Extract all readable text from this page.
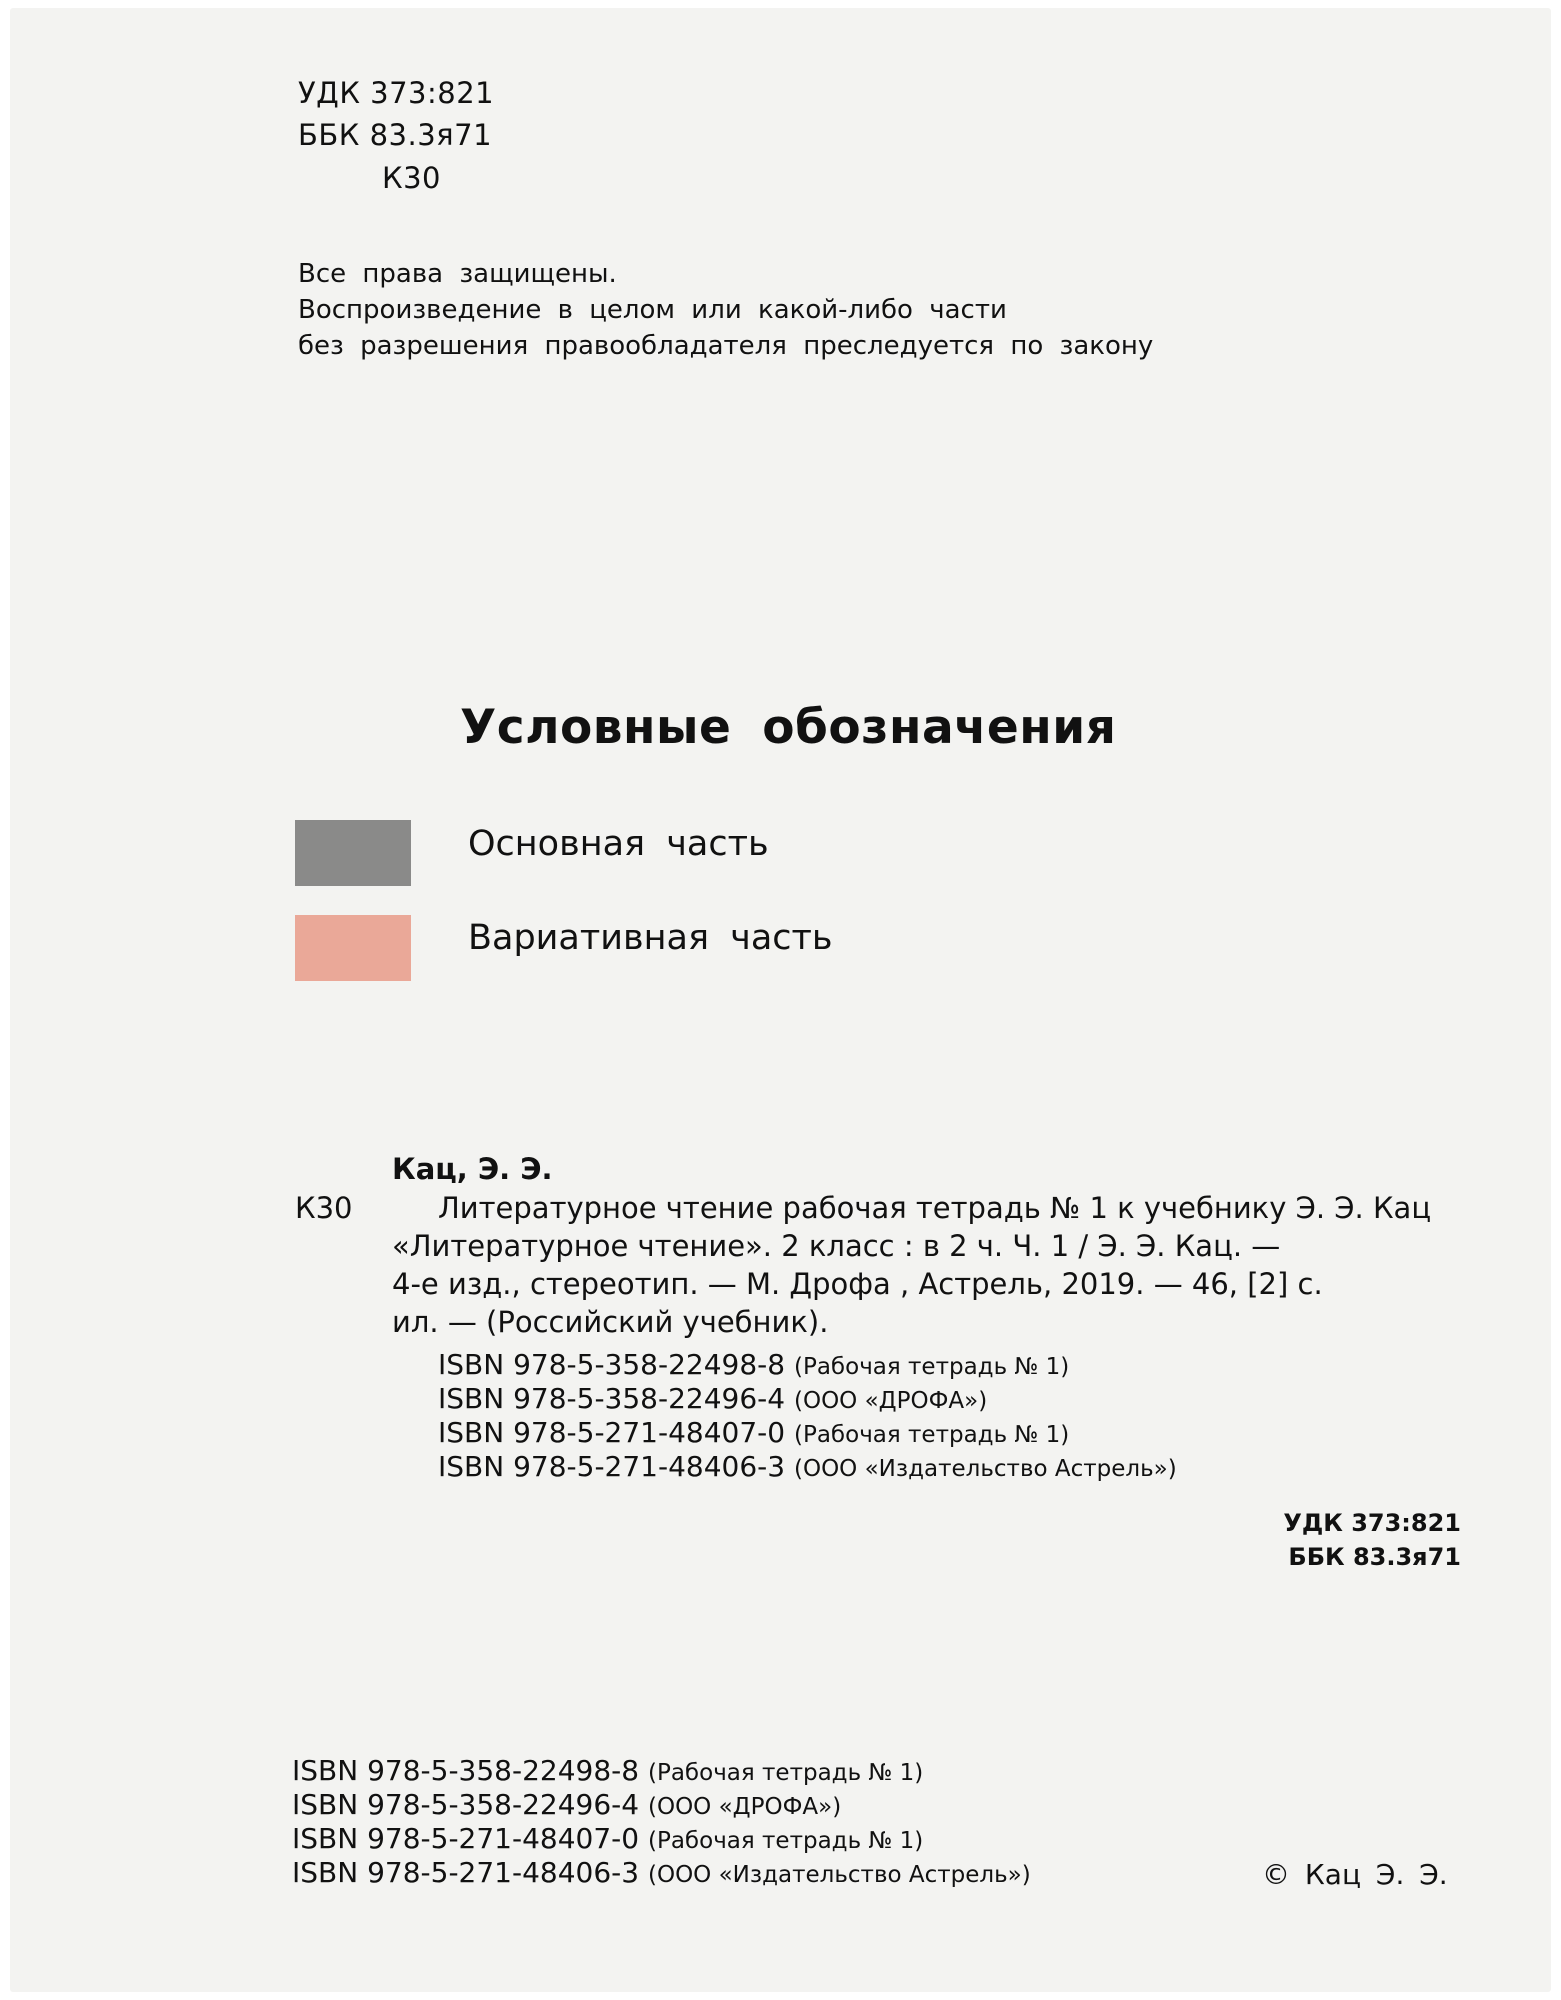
УДК 373:821
ББК 83.3я71
К30
Все права защищены.
Воспроизведение в целом или какой-либо части
без разрешения правообладателя преследуется по закону
Условные обозначения
Основная часть
Вариативная часть
Кац, Э. Э.
К30	Литературное чтение рабочая тетрадь № 1 к учебнику Э. Э. Кац
«Литературное чтение». 2 класс : в 2 ч. Ч. 1 / Э. Э. Кац. —
4-е изд., стереотип. — М. Дрофа , Астрель, 2019. — 46, [2] с.
ил. — (Российский учебник).
ISBN 978-5-358-22498-8 (Рабочая тетрадь № 1)
ISBN 978-5-358-22496-4 (ООО «ДРОФА»)
ISBN 978-5-271-48407-0 (Рабочая тетрадь № 1)
ISBN 978-5-271-48406-3 (ООО «Издательство Астрель»)
УДК 373:821
ББК 83.3я71
ISBN 978-5-358-22498-8 (Рабочая тетрадь № 1)
ISBN 978-5-358-22496-4 (ООО «ДРОФА»)
ISBN 978-5-271-48407-0 (Рабочая тетрадь № 1)
ISBN 978-5-271-48406-3 (ООО «Издательство Астрель»)	© Кац Э. Э.
